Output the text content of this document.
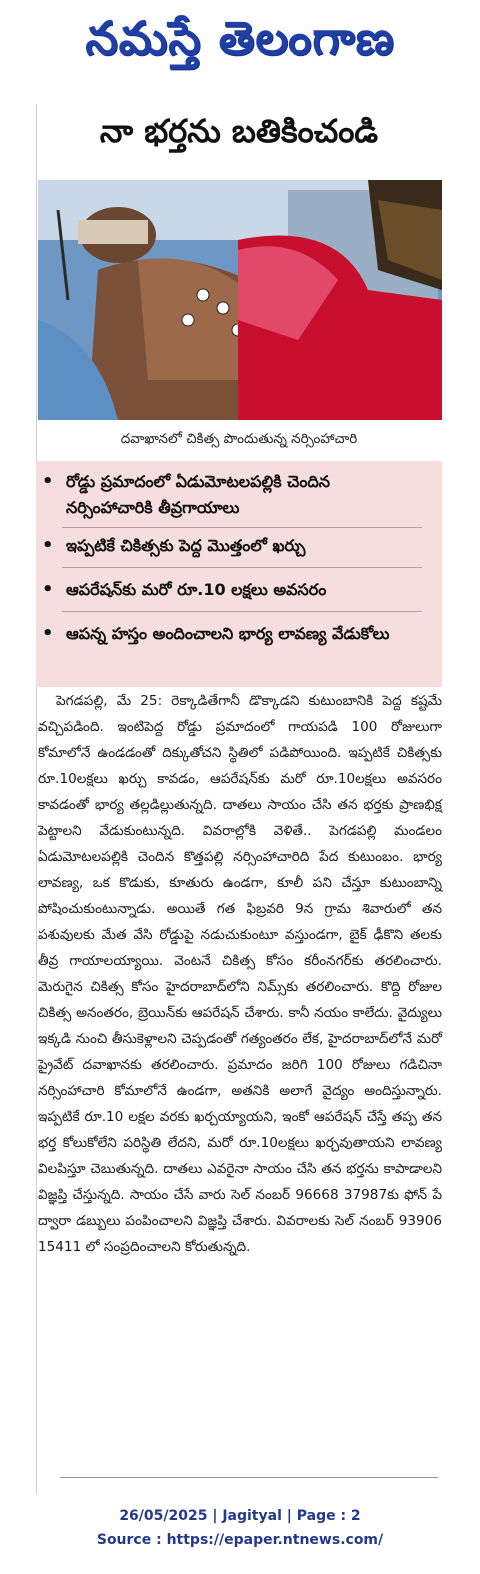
నమస్తే తెలంగాణ
నా భర్తను బతికించండి
దవాఖానలో చికిత్స పొందుతున్న నర్సింహాచారి
• రోడ్డు ప్రమాదంలో ఏడుమోటలపల్లికి చెందిన నర్సింహాచారికి తీవ్రగాయాలు
• ఇప్పటికే చికిత్సకు పెద్ద మొత్తంలో ఖర్చు
• ఆపరేషన్‌కు మరో రూ.10 లక్షలు అవసరం
• ఆపన్న హస్తం అందించాలని భార్య లావణ్య వేడుకోలు
పెగడపల్లి, మే 25: రెక్కాడితేగానీ డొక్కాడని కుటుంబానికి పెద్ద కష్టమే వచ్చిపడింది. ఇంటిపెద్ద రోడ్డు ప్రమాదంలో గాయపడి 100 రోజులుగా కోమాలోనే ఉండడంతో దిక్కుతోచని స్థితిలో పడిపోయింది. ఇప్పటికే చికిత్సకు రూ.10లక్షలు ఖర్చు కావడం, ఆపరేషన్‌కు మరో రూ.10లక్షలు అవసరం కావడంతో భార్య తల్లడిల్లుతున్నది. దాతలు సాయం చేసి తన భర్తకు ప్రాణభిక్ష పెట్టాలని వేడుకుంటున్నది. వివరాల్లోకి వెళితే.. పెగడపల్లి మండలం ఏడుమోటలపల్లికి చెందిన కొత్తపల్లి నర్సింహాచారిది పేద కుటుంబం. భార్య లావణ్య, ఒక కొడుకు, కూతురు ఉండగా, కూలీ పని చేస్తూ కుటుంబాన్ని పోషించుకుంటున్నాడు. అయితే గత ఫిబ్రవరి 9న గ్రామ శివారులో తన పశువులకు మేత వేసి రోడ్డుపై నడుచుకుంటూ వస్తుండగా, బైక్ ఢీకొని తలకు తీవ్ర గాయాలయ్యాయి. వెంటనే చికిత్స కోసం కరీంనగర్‌కు తరలించారు. మెరుగైన చికిత్స కోసం హైదరాబాద్‌లోని నిమ్స్‌కు తరలించారు. కొద్ది రోజుల చికిత్స అనంతరం, బ్రెయిన్‌కు ఆపరేషన్ చేశారు. కానీ నయం కాలేదు. వైద్యులు ఇక్కడి నుంచి తీసుకెళ్లాలని చెప్పడంతో గత్యంతరం లేక, హైదరాబాద్‌లోనే మరో ప్రైవేట్ దవాఖానకు తరలించారు. ప్రమాదం జరిగి 100 రోజులు గడిచినా నర్సింహాచారి కోమాలోనే ఉండగా, అతనికి అలాగే వైద్యం అందిస్తున్నారు. ఇప్పటికే రూ.10 లక్షల వరకు ఖర్చయ్యాయని, ఇంకో ఆపరేషన్ చేస్తే తప్ప తన భర్త కోలుకోలేని పరిస్థితి లేదని, మరో రూ.10లక్షలు ఖర్చవుతాయని లావణ్య విలపిస్తూ చెబుతున్నది. దాతలు ఎవరైనా సాయం చేసి తన భర్తను కాపాడాలని విజ్ఞప్తి చేస్తున్నది. సాయం చేసే వారు సెల్ నంబర్ 96668 37987కు ఫోన్ పే ద్వారా డబ్బులు పంపించాలని విజ్ఞప్తి చేశారు. వివరాలకు సెల్ నంబర్ 93906 15411 లో సంప్రదించాలని కోరుతున్నది.
26/05/2025 | Jagityal | Page : 2
Source : https://epaper.ntnews.com/
